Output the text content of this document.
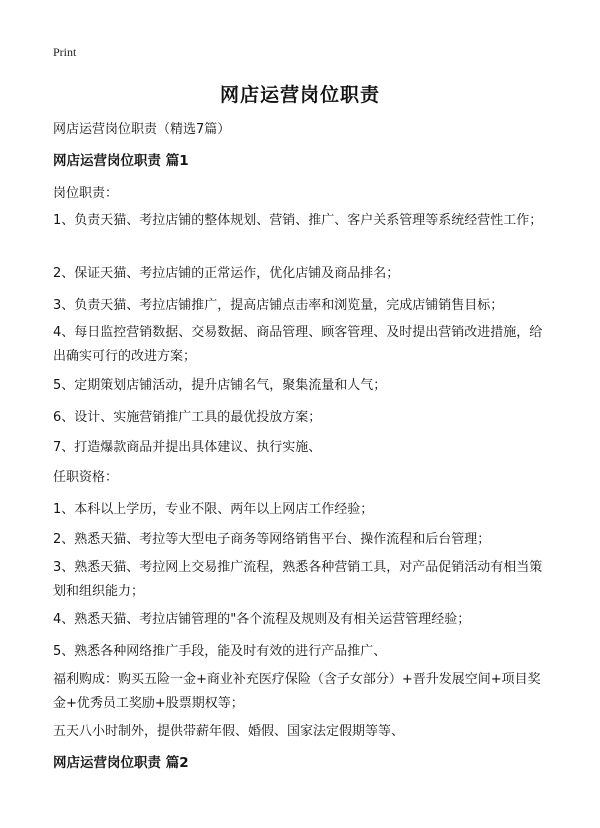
Print
网店运营岗位职责
网店运营岗位职责（精选7篇）
网店运营岗位职责 篇1
岗位职责：
1、负责天猫、考拉店铺的整体规划、营销、推广、客户关系管理等系统经营性工作；
2、保证天猫、考拉店铺的正常运作，优化店铺及商品排名；
3、负责天猫、考拉店铺推广，提高店铺点击率和浏览量，完成店铺销售目标；
4、每日监控营销数据、交易数据、商品管理、顾客管理、及时提出营销改进措施，给出确实可行的改进方案；
5、定期策划店铺活动，提升店铺名气，聚集流量和人气；
6、设计、实施营销推广工具的最优投放方案；
7、打造爆款商品并提出具体建议、执行实施、
任职资格：
1、本科以上学历，专业不限、两年以上网店工作经验；
2、熟悉天猫、考拉等大型电子商务等网络销售平台、操作流程和后台管理；
3、熟悉天猫、考拉网上交易推广流程，熟悉各种营销工具，对产品促销活动有相当策划和组织能力；
4、熟悉天猫、考拉店铺管理的"各个流程及规则及有相关运营管理经验；
5、熟悉各种网络推广手段，能及时有效的进行产品推广、
福利购成：购买五险一金+商业补充医疗保险（含子女部分）+晋升发展空间+项目奖金+优秀员工奖励+股票期权等；
五天八小时制外，提供带薪年假、婚假、国家法定假期等等、
网店运营岗位职责 篇2
